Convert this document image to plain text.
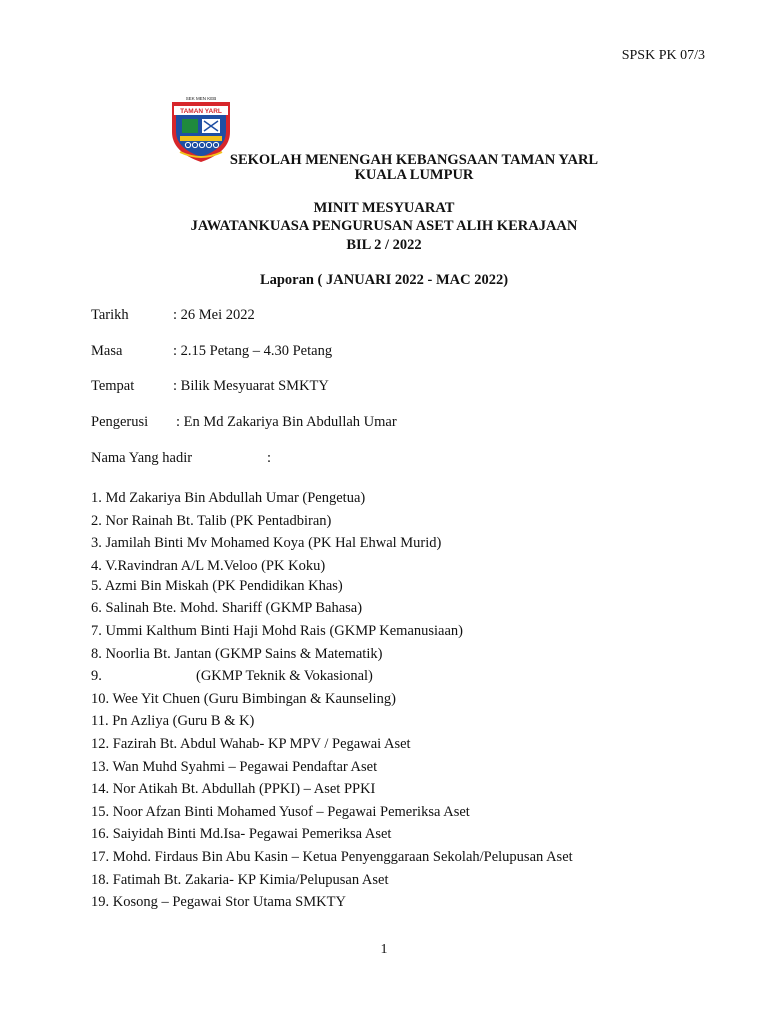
SPSK PK 07/3
SEK MEN KEB
TAMAN YARL
SEKOLAH MENENGAH KEBANGSAAN TAMAN YARL
KUALA LUMPUR
MINIT MESYUARAT
JAWATANKUASA PENGURUSAN ASET ALIH KERAJAAN
BIL 2 / 2022
Laporan ( JANUARI 2022 - MAC 2022)
Tarikh	: 26 Mei 2022
Masa	: 2.15 Petang – 4.30 Petang
Tempat	: Bilik Mesyuarat SMKTY
Pengerusi : En Md Zakariya Bin Abdullah Umar
Nama Yang hadir	:
1. Md Zakariya Bin Abdullah Umar (Pengetua)
2. Nor Rainah Bt. Talib (PK Pentadbiran)
3. Jamilah Binti Mv Mohamed Koya (PK Hal Ehwal Murid)
4. V.Ravindran A/L M.Veloo (PK Koku)
5. Azmi Bin Miskah (PK Pendidikan Khas)
6. Salinah Bte. Mohd. Shariff (GKMP Bahasa)
7. Ummi Kalthum Binti Haji Mohd Rais (GKMP Kemanusiaan)
8. Noorlia Bt. Jantan (GKMP Sains & Matematik)
9.	(GKMP Teknik & Vokasional)
10. Wee Yit Chuen (Guru Bimbingan & Kaunseling)
11. Pn Azliya (Guru B & K)
12. Fazirah Bt. Abdul Wahab- KP MPV / Pegawai Aset
13. Wan Muhd Syahmi – Pegawai Pendaftar Aset
14. Nor Atikah Bt. Abdullah (PPKI) – Aset PPKI
15. Noor Afzan Binti Mohamed Yusof – Pegawai Pemeriksa Aset
16. Saiyidah Binti Md.Isa- Pegawai Pemeriksa Aset
17. Mohd. Firdaus Bin Abu Kasin – Ketua Penyenggaraan Sekolah/Pelupusan Aset
18. Fatimah Bt. Zakaria- KP Kimia/Pelupusan Aset
19. Kosong – Pegawai Stor Utama SMKTY
1
